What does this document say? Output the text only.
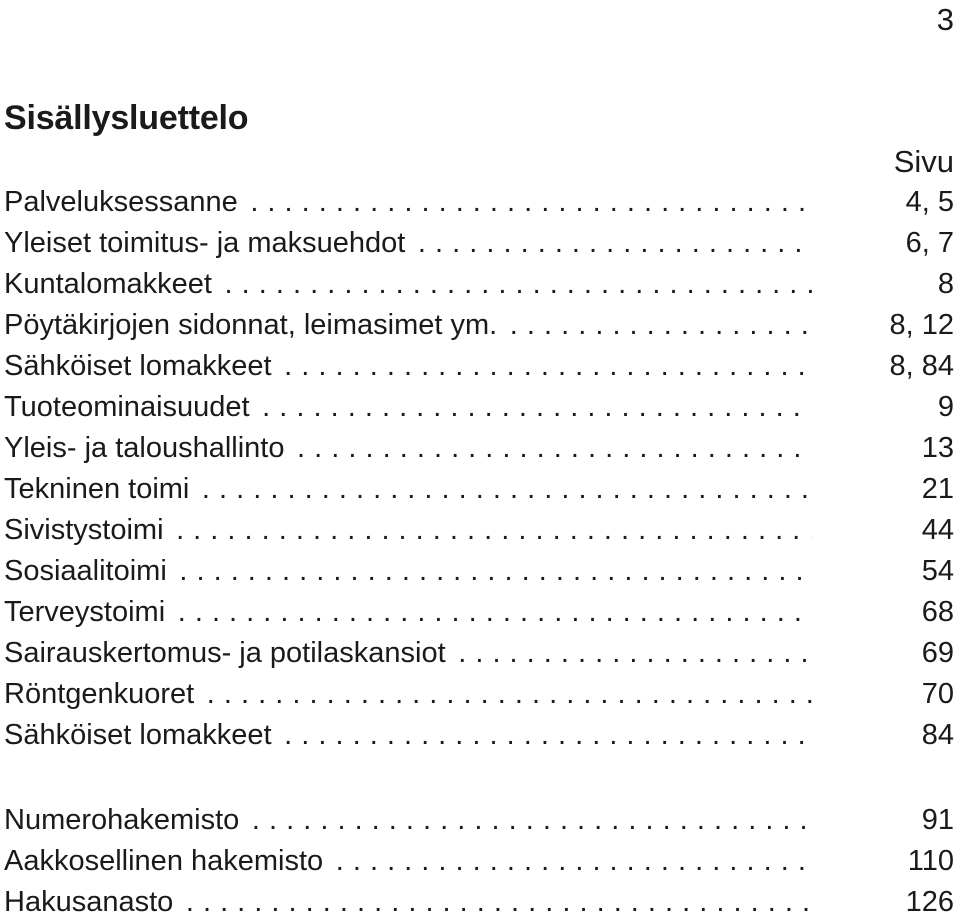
3
Sisällysluettelo
Sivu
Palveluksessanne . . .	4, 5
Yleiset toimitus- ja maksuehdot . . .	6, 7
Kuntalomakkeet . . .	8
Pöytäkirjojen sidonnat, leimasimet ym. . . .	8, 12
Sähköiset lomakkeet . . .	8, 84
Tuoteominaisuudet . . .	9
Yleis- ja taloushallinto . . .	13
Tekninen toimi . . .	21
Sivistystoimi . . .	44
Sosiaalitoimi . . .	54
Terveystoimi . . .	68
Sairauskertomus- ja potilaskansiot . . .	69
Röntgenkuoret . . .	70
Sähköiset lomakkeet . . .	84
Numerohakemisto . . .	91
Aakkosellinen hakemisto . . .	110
Hakusanasto . . .	126
